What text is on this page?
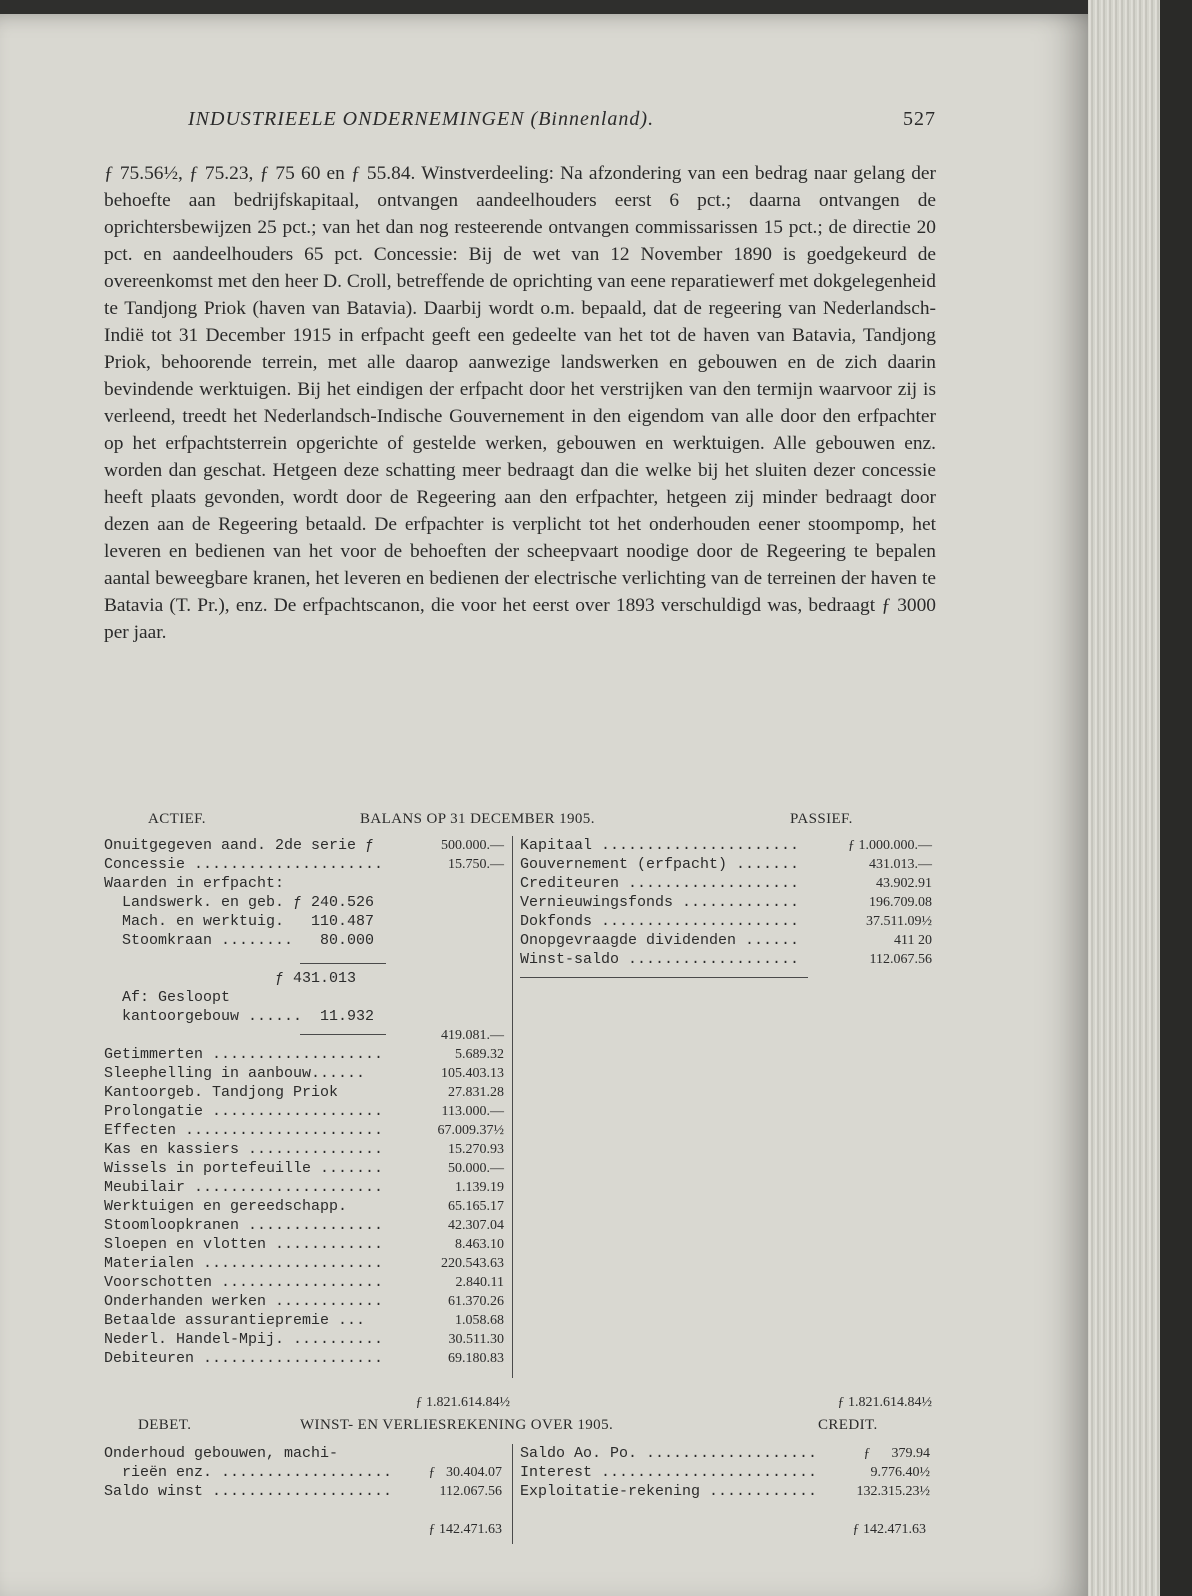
INDUSTRIEELE ONDERNEMINGEN (Binnenland).	527
ƒ 75.56½, ƒ 75.23, ƒ 75 60 en ƒ 55.84. Winstverdeeling: Na afzondering van een bedrag naar gelang der behoefte aan bedrijfskapitaal, ontvangen aandeelhouders eerst 6 pct.; daarna ontvangen de oprichtersbewijzen 25 pct.; van het dan nog resteerende ontvangen commissarissen 15 pct.; de directie 20 pct. en aandeelhouders 65 pct. Concessie: Bij de wet van 12 November 1890 is goedgekeurd de overeenkomst met den heer D. Croll, betreffende de oprichting van eene reparatiewerf met dokgelegenheid te Tandjong Priok (haven van Batavia). Daarbij wordt o.m. bepaald, dat de regeering van Nederlandsch-Indië tot 31 December 1915 in erfpacht geeft een gedeelte van het tot de haven van Batavia, Tandjong Priok, behoorende terrein, met alle daarop aanwezige landswerken en gebouwen en de zich daarin bevindende werktuigen. Bij het eindigen der erfpacht door het verstrijken van den termijn waarvoor zij is verleend, treedt het Nederlandsch-Indische Gouvernement in den eigendom van alle door den erfpachter op het erfpachtsterrein opgerichte of gestelde werken, gebouwen en werktuigen. Alle gebouwen enz. worden dan geschat. Hetgeen deze schatting meer bedraagt dan die welke bij het sluiten dezer concessie heeft plaats gevonden, wordt door de Regeering aan den erfpachter, hetgeen zij minder bedraagt door dezen aan de Regeering betaald. De erfpachter is verplicht tot het onderhouden eener stoompomp, het leveren en bedienen van het voor de behoeften der scheepvaart noodige door de Regeering te bepalen aantal beweegbare kranen, het leveren en bedienen der electrische verlichting van de terreinen der haven te Batavia (T. Pr.), enz. De erfpachtscanon, die voor het eerst over 1893 verschuldigd was, bedraagt ƒ 3000 per jaar.
ACTIEF.	BALANS OP 31 DECEMBER 1905.	PASSIEF.
Onuitgegeven aand. 2de serie ƒ	500.000.—
Concessie .....	15.750.—
Waarden in erfpacht:
Landswerk. en geb. ƒ 240.526
Mach. en werktuig.   110.487
Stoomkraan ........   80.000
ƒ 431.013
Af: Gesloopt
kantoorgebouw ......  11.932
419.081.—
Getimmerten .....	5.689.32
Sleephelling in aanbouw......	105.403.13
Kantoorgeb. Tandjong Priok	27.831.28
Prolongatie .....	113.000.—
Effecten .....	67.009.37½
Kas en kassiers .....	15.270.93
Wissels in portefeuille .....	50.000.—
Meubilair .....	1.139.19
Werktuigen en gereedschapp.	65.165.17
Stoomloopkranen .....	42.307.04
Sloepen en vlotten .....	8.463.10
Materialen .....	220.543.63
Voorschotten .....	2.840.11
Onderhanden werken .....	61.370.26
Betaalde assurantiepremie ...	1.058.68
Nederl. Handel-Mpij. .....	30.511.30
Debiteuren .....	69.180.83
Kapitaal .....	ƒ 1.000.000.—
Gouvernement (erfpacht) .....	431.013.—
Crediteuren .....	43.902.91
Vernieuwingsfonds .....	196.709.08
Dokfonds .....	37.511.09½
Onopgevraagde dividenden .....	411 20
Winst-saldo .....	112.067.56
ƒ 1.821.614.84½	ƒ 1.821.614.84½
DEBET.	WINST- EN VERLIESREKENING OVER 1905.	CREDIT.
Onderhoud gebouwen, machi-
rieën enz. .....	ƒ   30.404.07
Saldo winst .....	112.067.56
Saldo Ao. Po. .....	ƒ      379.94
Interest .....	9.776.40½
Exploitatie-rekening .....	132.315.23½
ƒ 142.471.63	ƒ 142.471.63
